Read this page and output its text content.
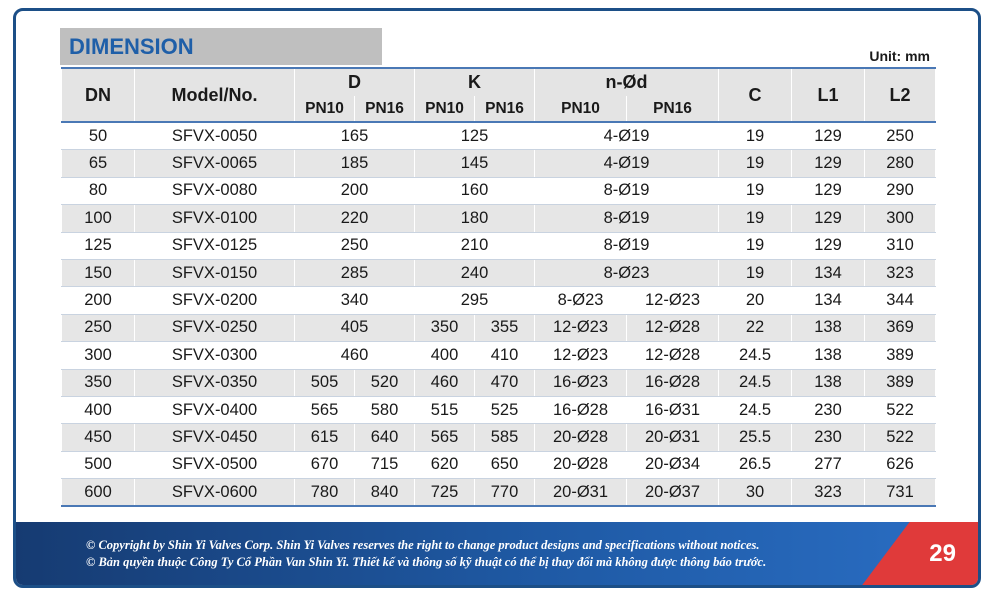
DIMENSION	Unit: mm
DN	Model/No.	D		K		n-Ød		C	L1	L2
		PN10	PN16	PN10	PN16	PN10	PN16			
50	SFVX-0050	165		125		4-Ø19		19	129	250
65	SFVX-0065	185		145		4-Ø19		19	129	280
80	SFVX-0080	200		160		8-Ø19		19	129	290
100	SFVX-0100	220		180		8-Ø19		19	129	300
125	SFVX-0125	250		210		8-Ø19		19	129	310
150	SFVX-0150	285		240		8-Ø23		19	134	323
200	SFVX-0200	340		295		8-Ø23	12-Ø23	20	134	344
250	SFVX-0250	405		350	355	12-Ø23	12-Ø28	22	138	369
300	SFVX-0300	460		400	410	12-Ø23	12-Ø28	24.5	138	389
350	SFVX-0350	505	520	460	470	16-Ø23	16-Ø28	24.5	138	389
400	SFVX-0400	565	580	515	525	16-Ø28	16-Ø31	24.5	230	522
450	SFVX-0450	615	640	565	585	20-Ø28	20-Ø31	25.5	230	522
500	SFVX-0500	670	715	620	650	20-Ø28	20-Ø34	26.5	277	626
600	SFVX-0600	780	840	725	770	20-Ø31	20-Ø37	30	323	731
© Copyright by Shin Yi Valves Corp. Shin Yi Valves reserves the right to change product designs and specifications without notices.
© Bản quyền thuộc Công Ty Cổ Phần Van Shin Yi. Thiết kế và thông số kỹ thuật có thể bị thay đổi mà không được thông báo trước.	29
